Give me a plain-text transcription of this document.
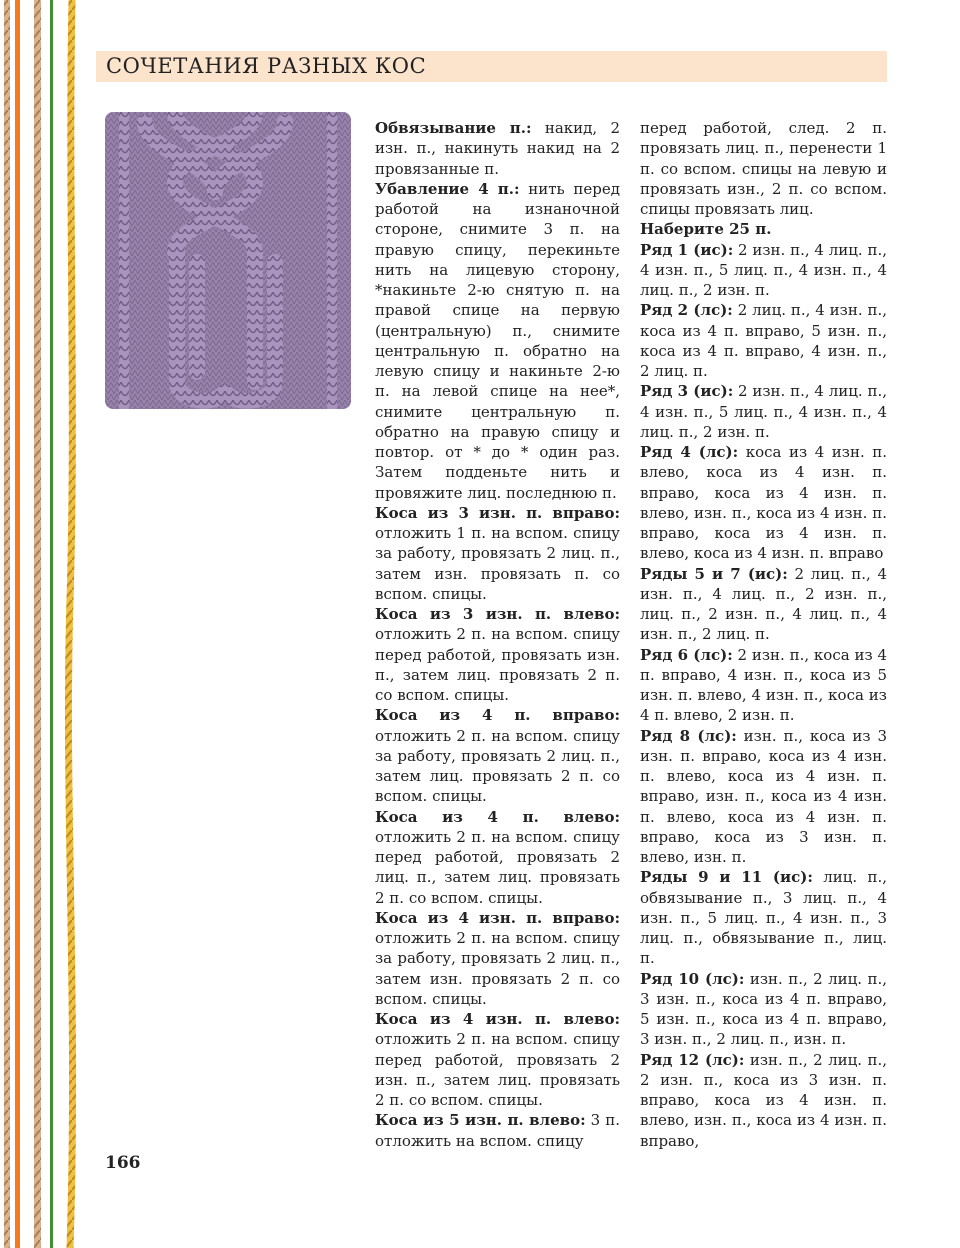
СОЧЕТАНИЯ РАЗНЫХ КОС

Обвязывание п.: накид, 2 изн. п., накинуть накид на 2 провязанные п.

Убавление 4 п.: нить перед работой на изнаночной стороне, снимите 3 п. на правую спицу, перекиньте нить на лицевую сторону, *накиньте 2-ю снятую п. на правой спице на первую (центральную) п., снимите центральную п. обратно на левую спицу и накиньте 2-ю п. на левой спице на нее*, снимите центральную п. обратно на правую спицу и повтор. от * до * один раз. Затем подденьте нить и провяжите лиц. последнюю п.

Коса из 3 изн. п. вправо: отложить 1 п. на вспом. спицу за работу, провязать 2 лиц. п., затем изн. провязать п. со вспом. спицы.

Коса из 3 изн. п. влево: отложить 2 п. на вспом. спицу перед работой, провязать изн. п., затем лиц. провязать 2 п. со вспом. спицы.

Коса из 4 п. вправо: отложить 2 п. на вспом. спицу за работу, провязать 2 лиц. п., затем лиц. провязать 2 п. со вспом. спицы.

Коса из 4 п. влево: отложить 2 п. на вспом. спицу перед работой, провязать 2 лиц. п., затем лиц. провязать 2 п. со вспом. спицы.

Коса из 4 изн. п. вправо: отложить 2 п. на вспом. спицу за работу, провязать 2 лиц. п., затем изн. провязать 2 п. со вспом. спицы.

Коса из 4 изн. п. влево: отложить 2 п. на вспом. спицу перед работой, провязать 2 изн. п., затем лиц. провязать 2 п. со вспом. спицы.

Коса из 5 изн. п. влево: 3 п. отложить на вспом. спицу

перед работой, след. 2 п. провязать лиц. п., перенести 1 п. со вспом. спицы на левую и провязать изн., 2 п. со вспом. спицы провязать лиц.

Наберите 25 п.

Ряд 1 (ис): 2 изн. п., 4 лиц. п., 4 изн. п., 5 лиц. п., 4 изн. п., 4 лиц. п., 2 изн. п.

Ряд 2 (лс): 2 лиц. п., 4 изн. п., коса из 4 п. вправо, 5 изн. п., коса из 4 п. вправо, 4 изн. п., 2 лиц. п.

Ряд 3 (ис): 2 изн. п., 4 лиц. п., 4 изн. п., 5 лиц. п., 4 изн. п., 4 лиц. п., 2 изн. п.

Ряд 4 (лс): коса из 4 изн. п. влево, коса из 4 изн. п. вправо, коса из 4 изн. п. влево, изн. п., коса из 4 изн. п. вправо, коса из 4 изн. п. влево, коса из 4 изн. п. вправо

Ряды 5 и 7 (ис): 2 лиц. п., 4 изн. п., 4 лиц. п., 2 изн. п., лиц. п., 2 изн. п., 4 лиц. п., 4 изн. п., 2 лиц. п.

Ряд 6 (лс): 2 изн. п., коса из 4 п. вправо, 4 изн. п., коса из 5 изн. п. влево, 4 изн. п., коса из 4 п. влево, 2 изн. п.

Ряд 8 (лс): изн. п., коса из 3 изн. п. вправо, коса из 4 изн. п. влево, коса из 4 изн. п. вправо, изн. п., коса из 4 изн. п. влево, коса из 4 изн. п. вправо, коса из 3 изн. п. влево, изн. п.

Ряды 9 и 11 (ис): лиц. п., обвязывание п., 3 лиц. п., 4 изн. п., 5 лиц. п., 4 изн. п., 3 лиц. п., обвязывание п., лиц. п.

Ряд 10 (лс): изн. п., 2 лиц. п., 3 изн. п., коса из 4 п. вправо, 5 изн. п., коса из 4 п. вправо, 3 изн. п., 2 лиц. п., изн. п.

Ряд 12 (лс): изн. п., 2 лиц. п., 2 изн. п., коса из 3 изн. п. вправо, коса из 4 изн. п. влево, изн. п., коса из 4 изн. п. вправо,

166
